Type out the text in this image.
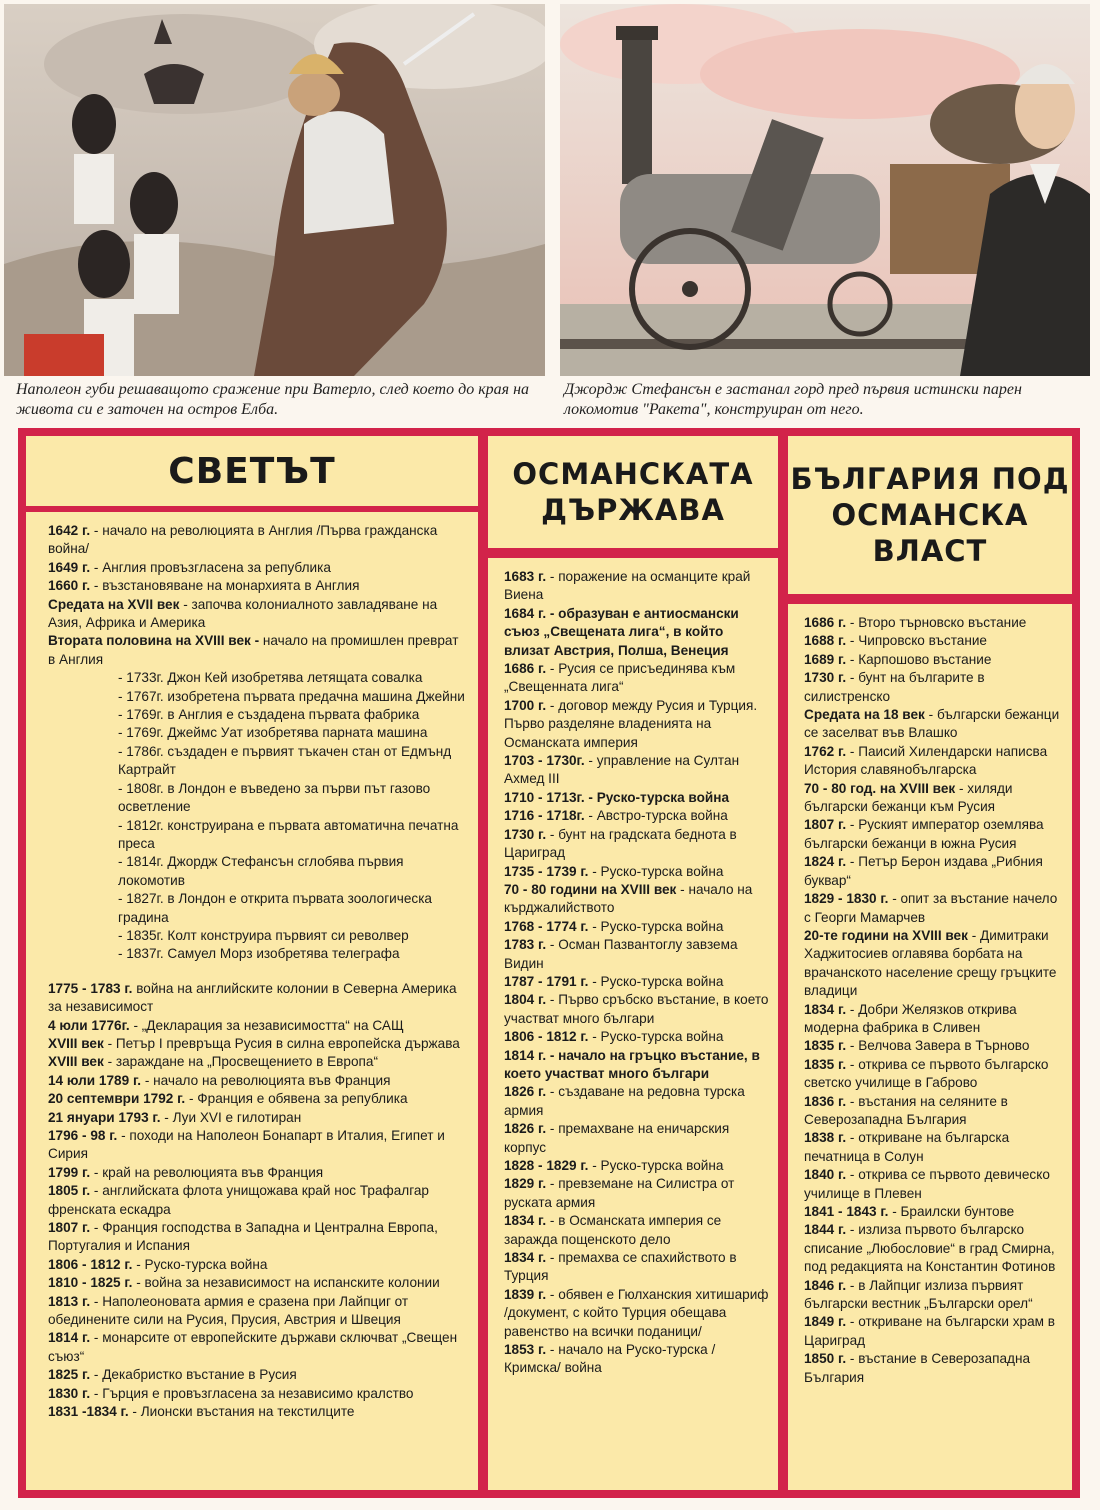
Наполеон губи решаващото сражение при Ватерло, след което до края на живота си е заточен на остров Елба.
Джордж Стефансън е застанал горд пред първия истински парен локомотив "Ракета", конструиран от него.
СВЕТЪТ	ОСМАНСКАТА ДЪРЖАВА
БЪЛГАРИЯ ПОД ОСМАНСКА ВЛАСТ
1642 г. - начало на революцията в Англия /Първа гражданска война/
1649 г. - Англия провъзгласена за република
1660 г. - възстановяване на монархията в Англия
Средата на XVII век - започва колониалното завладяване на Азия, Африка и Америка
Втората половина на XVIII век - начало на промишлен преврат в Англия
- 1733г. Джон Кей изобретява летящата совалка
- 1767г. изобретена първата предачна машина Джейни
- 1769г. в Англия е създадена първата фабрика
- 1769г. Джеймс Уат изобретява парната машина
- 1786г. създаден е първият тъкачен стан от Едмънд Картрайт
- 1808г. в Лондон е въведено за първи път газово осветление
- 1812г. конструирана е първата автоматична печатна преса
- 1814г. Джордж Стефансън сглобява първия локомотив
- 1827г. в Лондон е открита първата зоологическа градина
- 1835г. Колт конструира първият си револвер
- 1837г. Самуел Морз изобретява телеграфа
1775 - 1783 г. война на английските колонии в Северна Америка за независимост
4 юли 1776г. - „Декларация за независимостта“ на САЩ
XVIII век - Петър I превръща Русия в силна европейска държава
XVIII век - зараждане на „Просвещението в Европа“
14 юли 1789 г. - начало на революцията във Франция
20 септември 1792 г. - Франция е обявена за република
21 януари 1793 г. - Луи XVI е гилотиран
1796 - 98 г. - походи на Наполеон Бонапарт в Италия, Египет и Сирия
1799 г. - край на революцията във Франция
1805 г. - английската флота унищожава край нос Трафалгар френската ескадра
1807 г. - Франция господства в Западна и Централна Европа, Португалия и Испания
1806 - 1812 г. - Руско-турска война
1810 - 1825 г. - война за независимост на испанските колонии
1813 г. - Наполеоновата армия е сразена при Лайпциг от обединените сили на Русия, Прусия, Австрия и Швеция
1814 г. - монарсите от европейските държави сключват „Свещен съюз“
1825 г. - Декабристко въстание в Русия
1830 г. - Гърция е провъзгласена за независимо кралство
1831 -1834 г. - Лионски въстания на текстилците
1683 г. - поражение на османците край Виена
1684 г. - образуван е антиосмански съюз „Свещената лига“, в който влизат Австрия, Полша, Венеция
1686 г. - Русия се присъединява към „Свещенната лига“
1700 г. - договор между Русия и Турция. Първо разделяне владенията на Османската империя
1703 - 1730г. - управление на Султан Ахмед III
1710 - 1713г. - Руско-турска война
1716 - 1718г. - Австро-турска война
1730 г. - бунт на градската беднота в Цариград
1735 - 1739 г. - Руско-турска война
70 - 80 години на XVIII век - начало на кърджалийството
1768 - 1774 г. - Руско-турска война
1783 г. - Осман Пазвантоглу завзема Видин
1787 - 1791 г. - Руско-турска война
1804 г. - Първо сръбско въстание, в което участват много българи
1806 - 1812 г. - Руско-турска война
1814 г. - начало на гръцко въстание, в което участват много българи
1826 г. - създаване на редовна турска армия
1826 г. - премахване на еничарския корпус
1828 - 1829 г. - Руско-турска война
1829 г. - превземане на Силистра от руската армия
1834 г. - в Османската империя се заражда пощенското дело
1834 г. - премахва се спахийството в Турция
1839 г. - обявен е Гюлханския хитишариф /документ, с който Турция обещава равенство на всички поданици/
1853 г. - начало на Руско-турска /Кримска/ война
1686 г. - Второ търновско въстание
1688 г. - Чипровско въстание
1689 г. - Карпошово въстание
1730 г. - бунт на българите в силистренско
Средата на 18 век - български бежанци се заселват във Влашко
1762 г. - Паисий Хилендарски написва История славянобългарска
70 - 80 год. на XVIII век - хиляди български бежанци към Русия
1807 г. - Руският император оземлява български бежанци в южна Русия
1824 г. - Петър Берон издава „Рибния буквар“
1829 - 1830 г. - опит за въстание начело с Георги Мамарчев
20-те години на XVIII век - Димитраки Хаджитосиев оглавява борбата на врачанското население срещу гръцките владици
1834 г. - Добри Желязков открива модерна фабрика в Сливен
1835 г. - Велчова Завера в Търново
1835 г. - открива се първото българско светско училище в Габрово
1836 г. - въстания на селяните в Северозападна България
1838 г. - откриване на българска печатница в Солун
1840 г. - открива се първото девическо училище в Плевен
1841 - 1843 г. - Браилски бунтове
1844 г. - излиза първото българско списание „Любословие“ в град Смирна, под редакцията на Константин Фотинов
1846 г. - в Лайпциг излиза първият български вестник „Български орел“
1849 г. - откриване на български храм в Цариград
1850 г. - въстание в Северозападна България
